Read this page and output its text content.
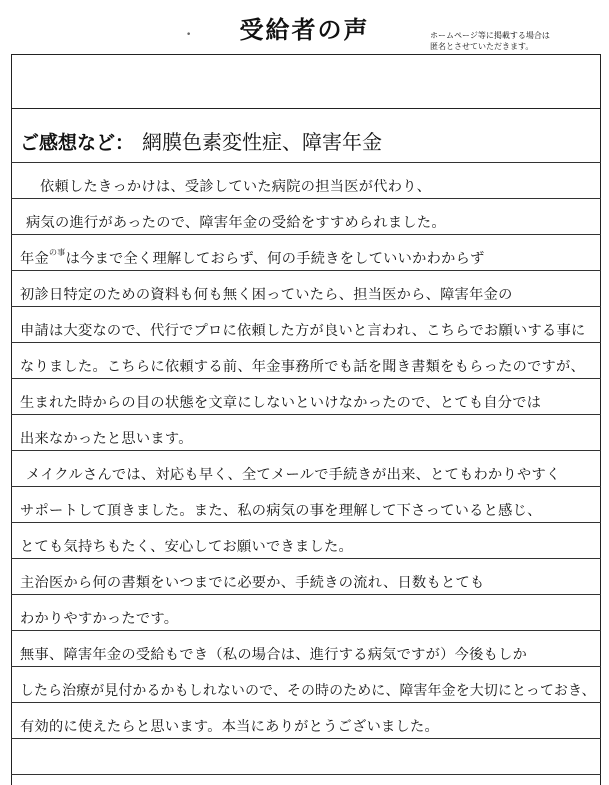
受給者の声
•	ホームページ等に掲載する場合は
匿名とさせていただきます。
ご感想など： 網膜色素変性症、障害年金
依頼したきっかけは、受診していた病院の担当医が代わり、
病気の進行があったので、障害年金の受給をすすめられました。
年金$^{の事}$は今まで全く理解しておらず、何の手続きをしていいかわからず
初診日特定のための資料も何も無く困っていたら、担当医から、障害年金の
申請は大変なので、代行でプロに依頼した方が良いと言われ、こちらでお願いする事に
なりました。こちらに依頼する前、年金事務所でも話を聞き書類をもらったのですが、
生まれた時からの目の状態を文章にしないといけなかったので、とても自分では
出来なかったと思います。
メイクルさんでは、対応も早く、全てメールで手続きが出来、とてもわかりやすく
サポートして頂きました。また、私の病気の事を理解して下さっていると感じ、
とても気持ちもたく、安心してお願いできました。
主治医から何の書類をいつまでに必要か、手続きの流れ、日数もとても
わかりやすかったです。
無事、障害年金の受給もでき（私の場合は、進行する病気ですが）今後もしか
したら治療が見付かるかもしれないので、その時のために、障害年金を大切にとっておき、
有効的に使えたらと思います。本当にありがとうございました。
